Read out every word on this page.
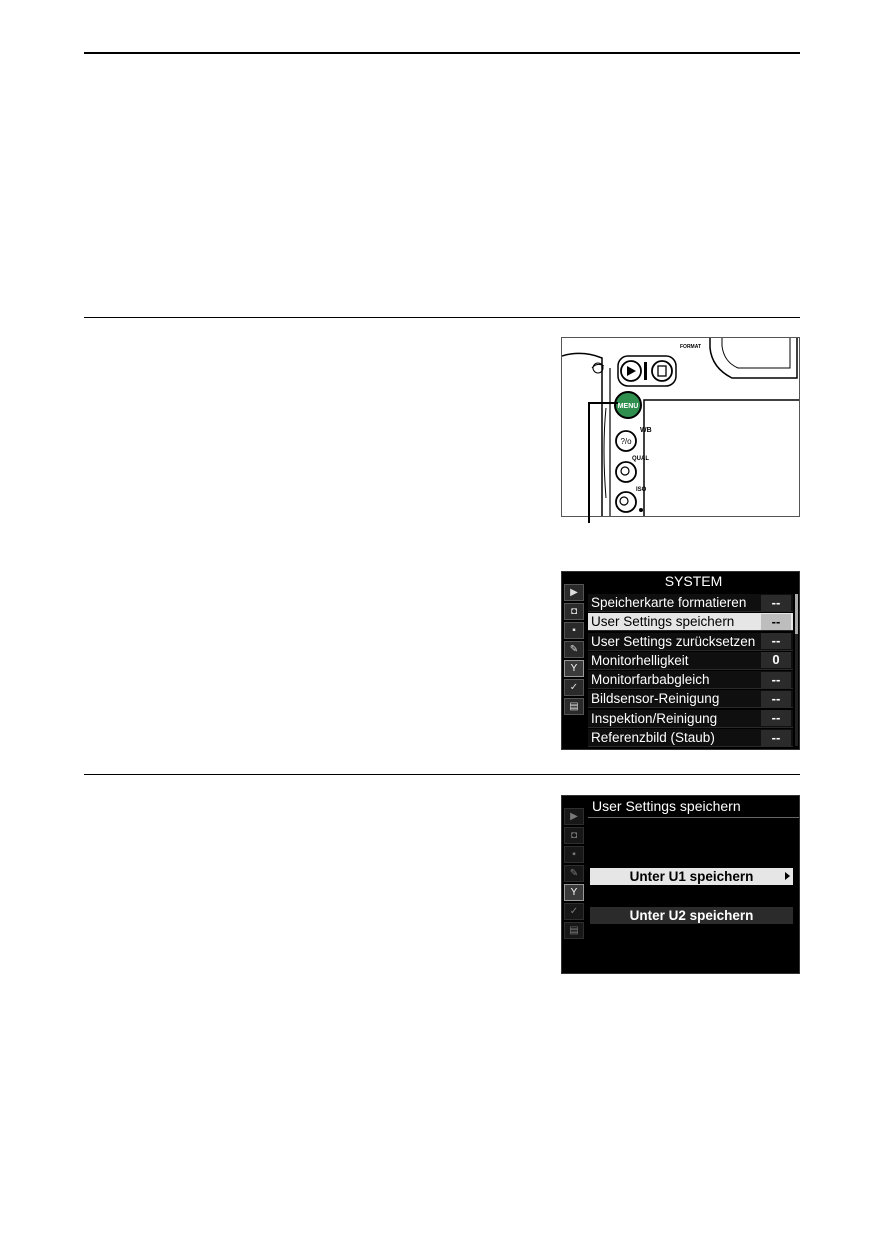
MENU
?/o
WB
QUAL
ISO
FORMAT
▶
◘
▪
✎
Y
✓
▤
SYSTEM
Speicherkarte formatieren	--
User Settings speichern	--
User Settings zurücksetzen	--
Monitorhelligkeit	0
Monitorfarbabgleich	--
Bildsensor-Reinigung	--
Inspektion/Reinigung	--
Referenzbild (Staub)	--
▶
◘
▪
✎
Y
✓
▤
User Settings speichern
Unter U1 speichern
Unter U2 speichern
